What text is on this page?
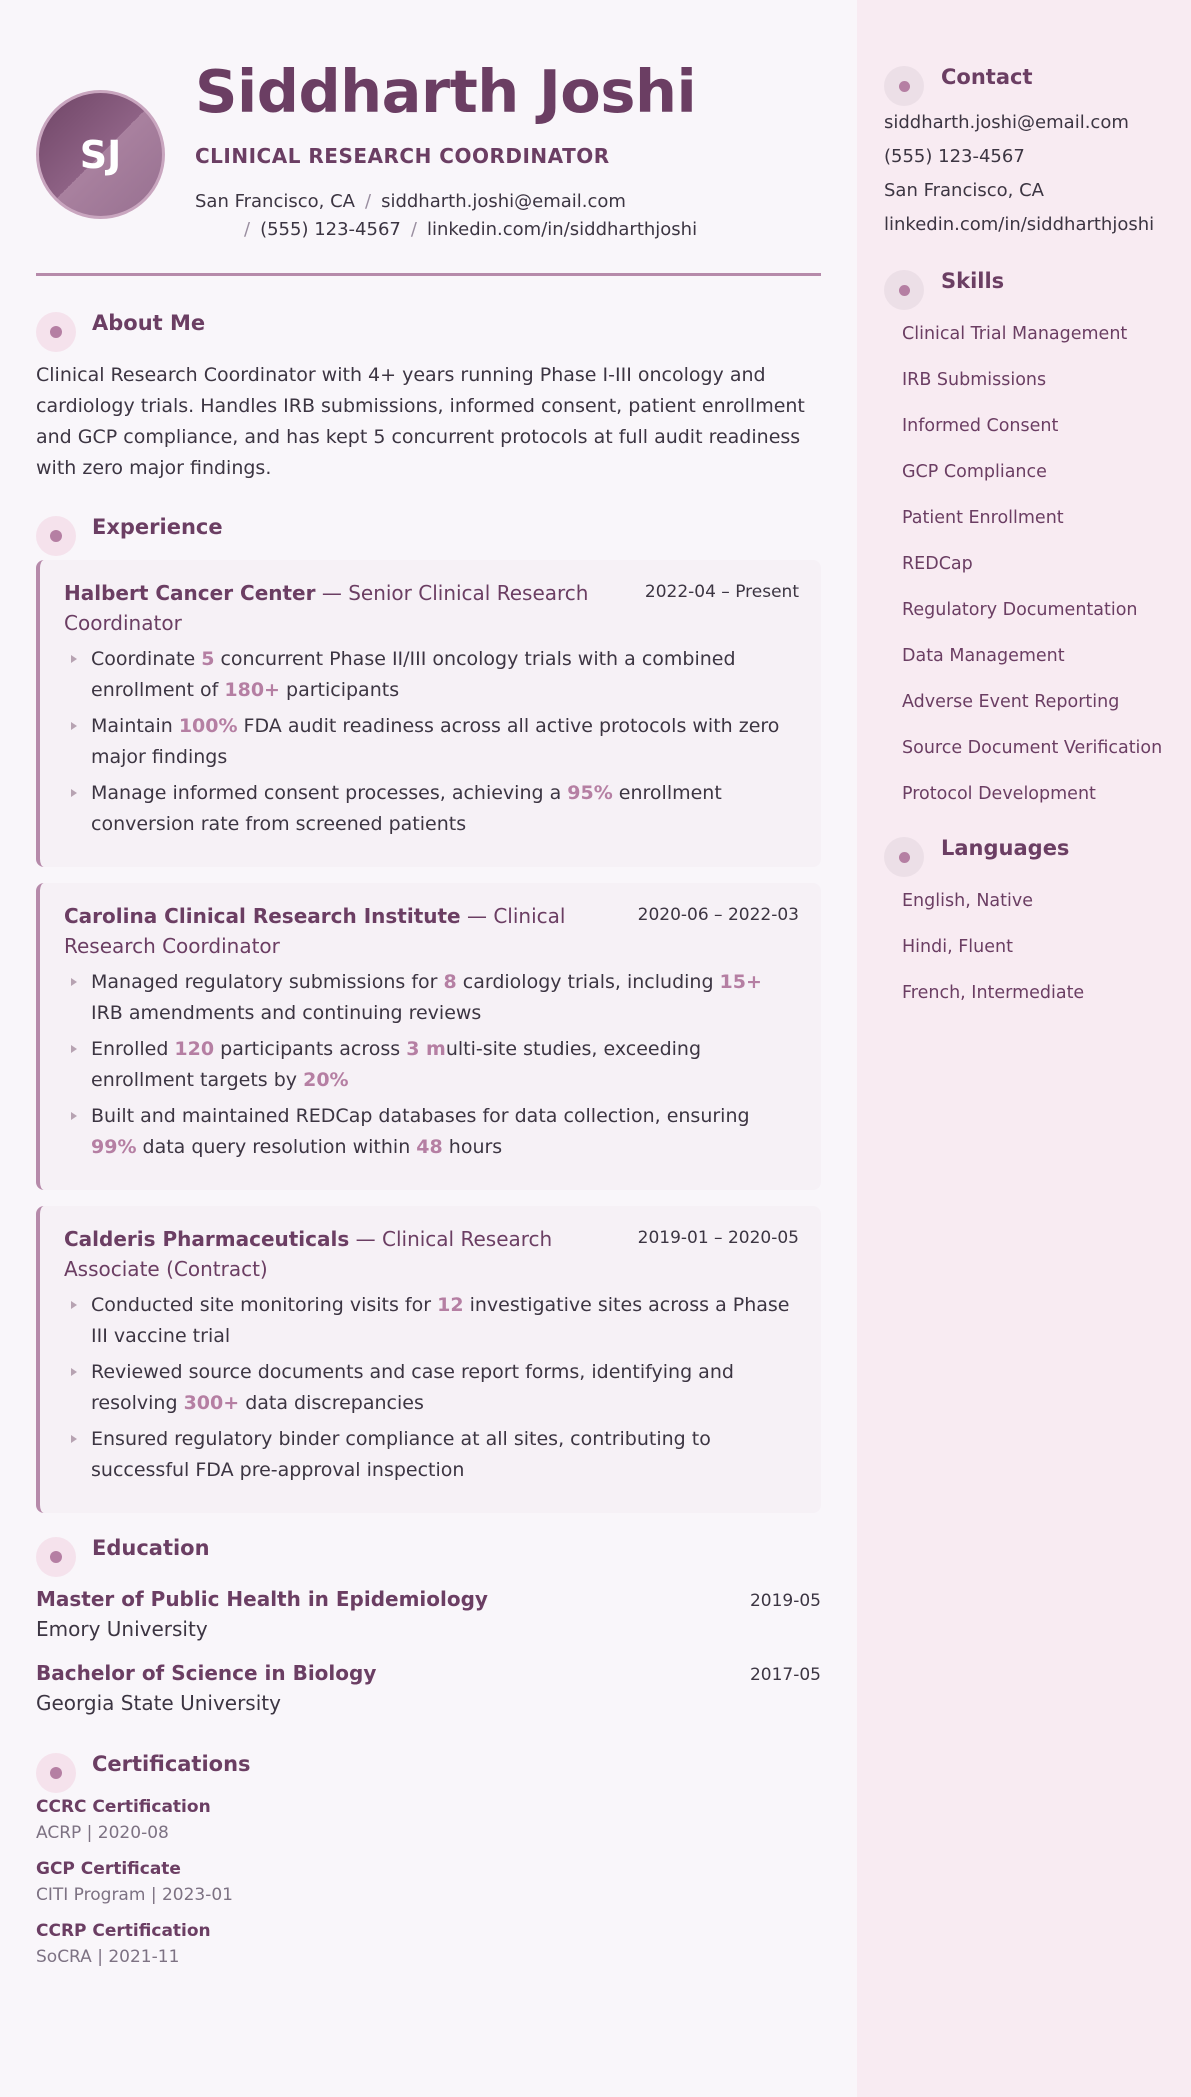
SJ
Siddharth Joshi
CLINICAL RESEARCH COORDINATOR
San Francisco, CA / siddharth.joshi@email.com
/ (555) 123-4567 / linkedin.com/in/siddharthjoshi
About Me

Clinical Research Coordinator with 4+ years running Phase I-III oncology and cardiology trials. Handles IRB submissions, informed consent, patient enrollment and GCP compliance, and has kept 5 concurrent protocols at full audit readiness with zero major findings.

Experience
Halbert Cancer Center — Senior Clinical Research Coordinator
2022-04 – Present
Coordinate 5 concurrent Phase II/III oncology trials with a combined enrollment of 180+ participants
Maintain 100% FDA audit readiness across all active protocols with zero major findings
Manage informed consent processes, achieving a 95% enrollment conversion rate from screened patients
Carolina Clinical Research Institute — Clinical Research Coordinator
2020-06 – 2022-03
Managed regulatory submissions for 8 cardiology trials, including 15+ IRB amendments and continuing reviews
Enrolled 120 participants across 3 multi-site studies, exceeding enrollment targets by 20%
Built and maintained REDCap databases for data collection, ensuring 99% data query resolution within 48 hours
Calderis Pharmaceuticals — Clinical Research Associate (Contract)
2019-01 – 2020-05
Conducted site monitoring visits for 12 investigative sites across a Phase III vaccine trial
Reviewed source documents and case report forms, identifying and resolving 300+ data discrepancies
Ensured regulatory binder compliance at all sites, contributing to successful FDA pre-approval inspection
Education
Master of Public Health in Epidemiology
Emory University
2019-05
Bachelor of Science in Biology
Georgia State University
2017-05
Certifications
CCRC Certification
ACRP | 2020-08
GCP Certificate
CITI Program | 2023-01
CCRP Certification
SoCRA | 2021-11
Contact
siddharth.joshi@email.com
(555) 123-4567
San Francisco, CA
linkedin.com/in/siddharthjoshi
Skills
Clinical Trial Management
IRB Submissions
Informed Consent
GCP Compliance
Patient Enrollment
REDCap
Regulatory Documentation
Data Management
Adverse Event Reporting
Source Document Verification
Protocol Development
Languages
English, Native
Hindi, Fluent
French, Intermediate
